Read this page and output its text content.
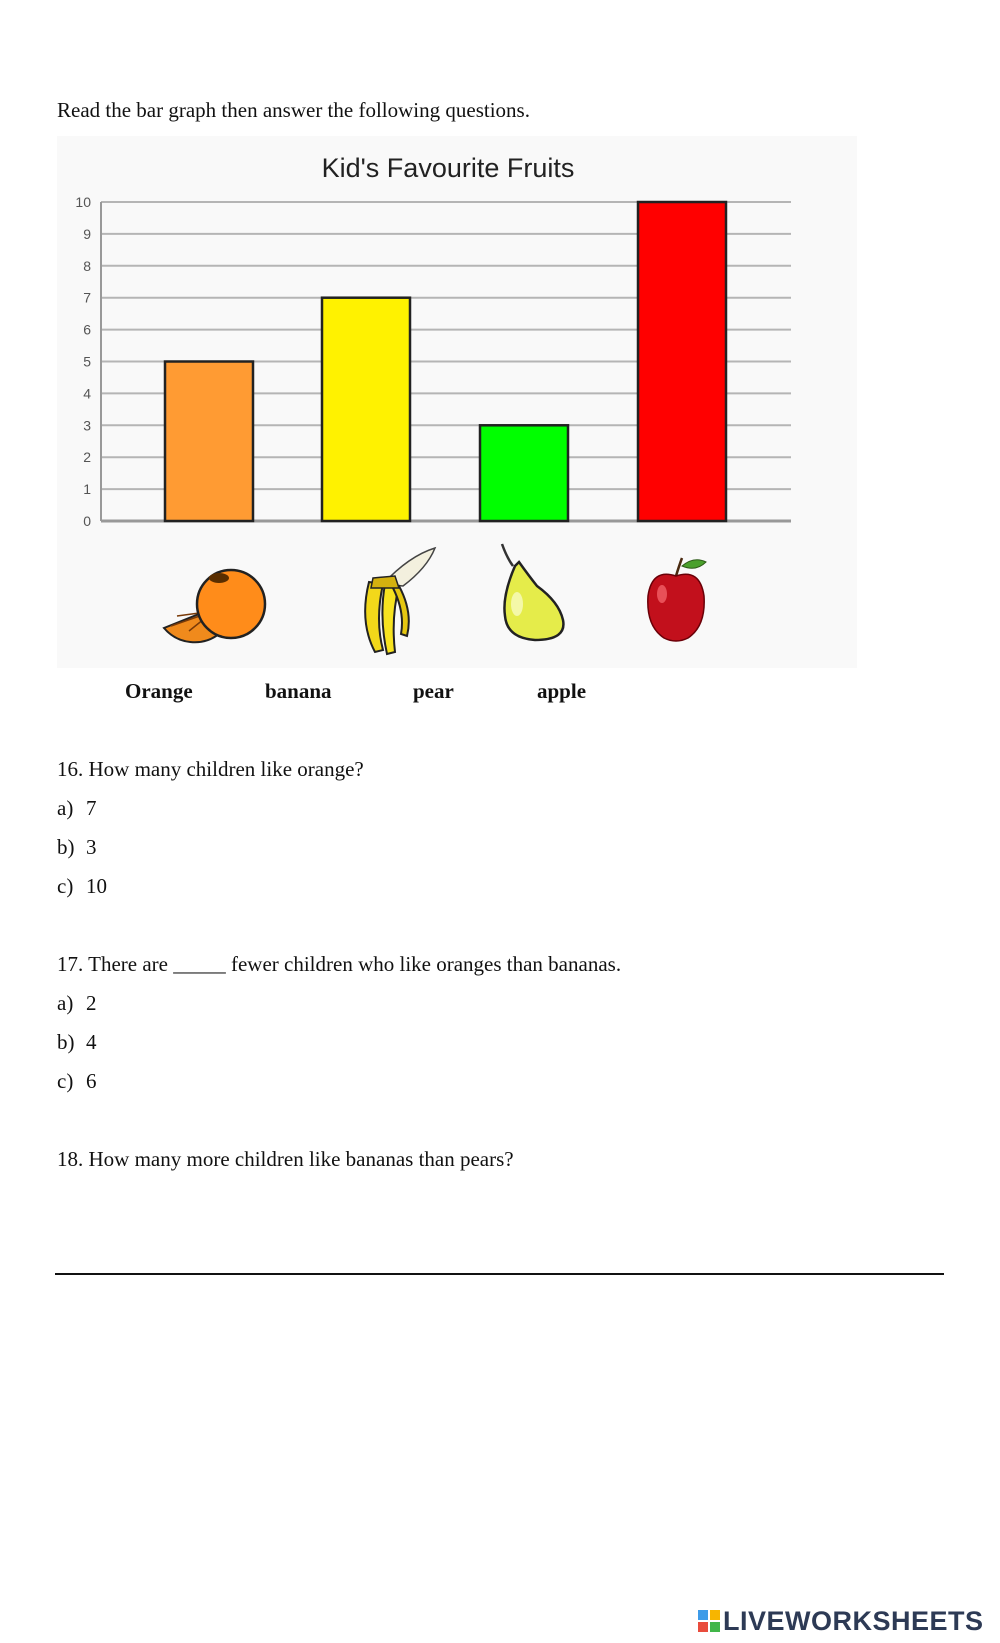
Read the bar graph then answer the following questions.
Kid's Favourite Fruits
0
1
2
3
4
5
6
7
8
9
10
Orange	banana	pear	apple
16. How many children like orange?
a) 7
b) 3
c) 10
17. There are _____ fewer children who like oranges than bananas.
a) 2
b) 4
c) 6
18. How many more children like bananas than pears?
LIVEWORKSHEETS
